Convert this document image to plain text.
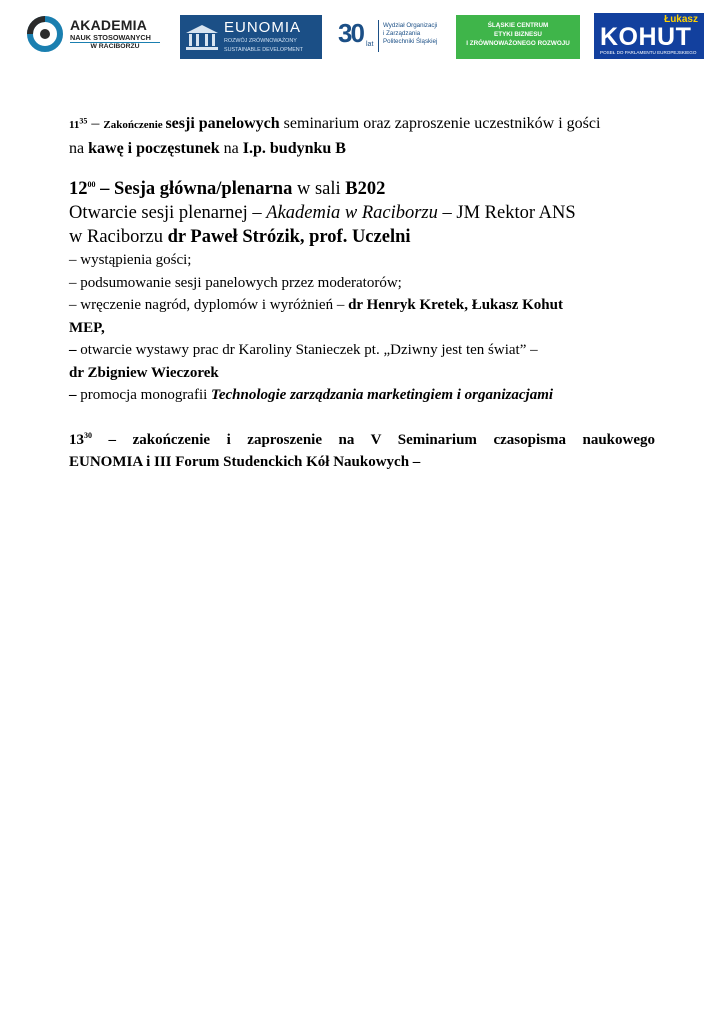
AKADEMIA
NAUK STOSOWANYCH
W RACIBORZU
EUNOMIA
ROZWÓJ ZRÓWNOWAŻONY
SUSTAINABLE DEVELOPMENT
30 lat
Wydział Organizacji
i Zarządzania
Politechniki Śląskiej
ŚLĄSKIE CENTRUM
ETYKI BIZNESU
I ZRÓWNOWAŻONEGO ROZWOJU
Łukasz
KOHUT
POSEŁ DO PARLAMENTU EUROPEJSKIEGO

$11^{35}$ – Zakończenie sesji panelowych seminarium oraz zaproszenie uczestników i gości

na kawę i poczęstunek na I.p. budynku B

$12^{00}$ – Sesja główna/plenarna w sali B202

Otwarcie sesji plenarnej – Akademia w Raciborzu – JM Rektor ANS

w Raciborzu dr Paweł Strózik, prof. Uczelni

– wystąpienia gości;

– podsumowanie sesji panelowych przez moderatorów;

– wręczenie nagród, dyplomów i wyróżnień – dr Henryk Kretek, Łukasz Kohut

MEP,

– otwarcie wystawy prac dr Karoliny Stanieczek pt. „Dziwny jest ten świat” –

dr Zbigniew Wieczorek

– promocja monografii Technologie zarządzania marketingiem i organizacjami

$13^{30}$ – zakończenie i zaproszenie na V Seminarium czasopisma naukowego

EUNOMIA i III Forum Studenckich Kół Naukowych –
